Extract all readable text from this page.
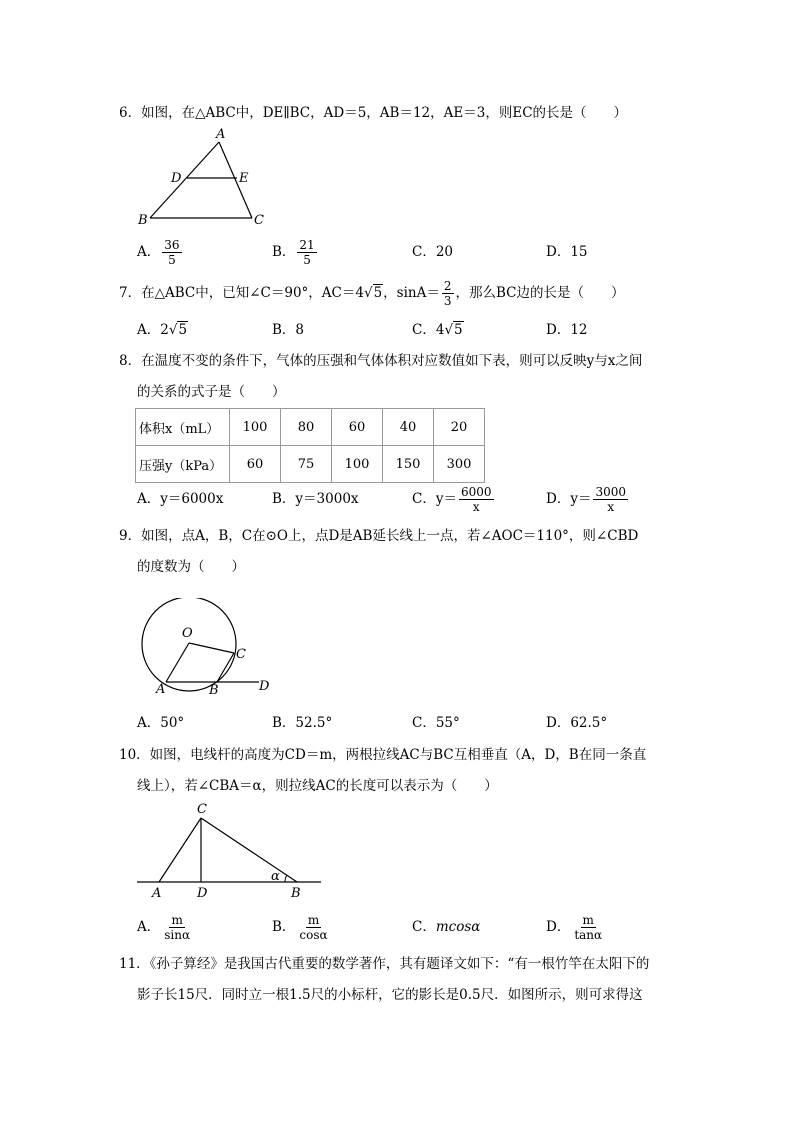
6．如图，在△ABC中，DE∥BC，AD＝5，AB＝12，AE＝3，则EC的长是（　　）
A
D	E
B	C
A． $\frac{36}{5}$	B． $\frac{21}{5}$	C．20	D．15
7．在△ABC中，已知∠C＝90°，AC＝4 √5 ，$\sin A= \frac{2}{3}$ ，那么BC边的长是（　　）
A．2√5	B．8	C．4√5	D．12
8．在温度不变的条件下，气体的压强和气体体积对应数值如下表，则可以反映y与x之间
的关系的式子是（　　）
体积x（mL）	100	80	60	40	20
压强y（kPa）	60	75	100	150	300
A．y＝6000x	B．y＝3000x	C． $y= \frac{6000}{x}$	D． $y= \frac{3000}{x}$
9．如图，点A，B，C在⊙O上，点D是AB延长线上一点，若∠AOC＝110°，则∠CBD
的度数为（　　）
O
C
A	B	D
A．50°	B．52.5°	C．55°	D．62.5°
10．如图，电线杆的高度为CD＝m，两根拉线AC与BC互相垂直（A，D，B在同一条直
线上），若∠CBA＝α，则拉线AC的长度可以表示为（　　）
C
A	D	B
α
A． $\frac{m}{\sin\alpha}$	B． $\frac{m}{\cos\alpha}$	C．mcosα	D． $\frac{m}{\tan\alpha}$
11．《孙子算经》是我国古代重要的数学著作，其有题译文如下：“有一根竹竿在太阳下的
影子长15尺．同时立一根1.5尺的小标杆，它的影长是0.5尺．如图所示，则可求得这
